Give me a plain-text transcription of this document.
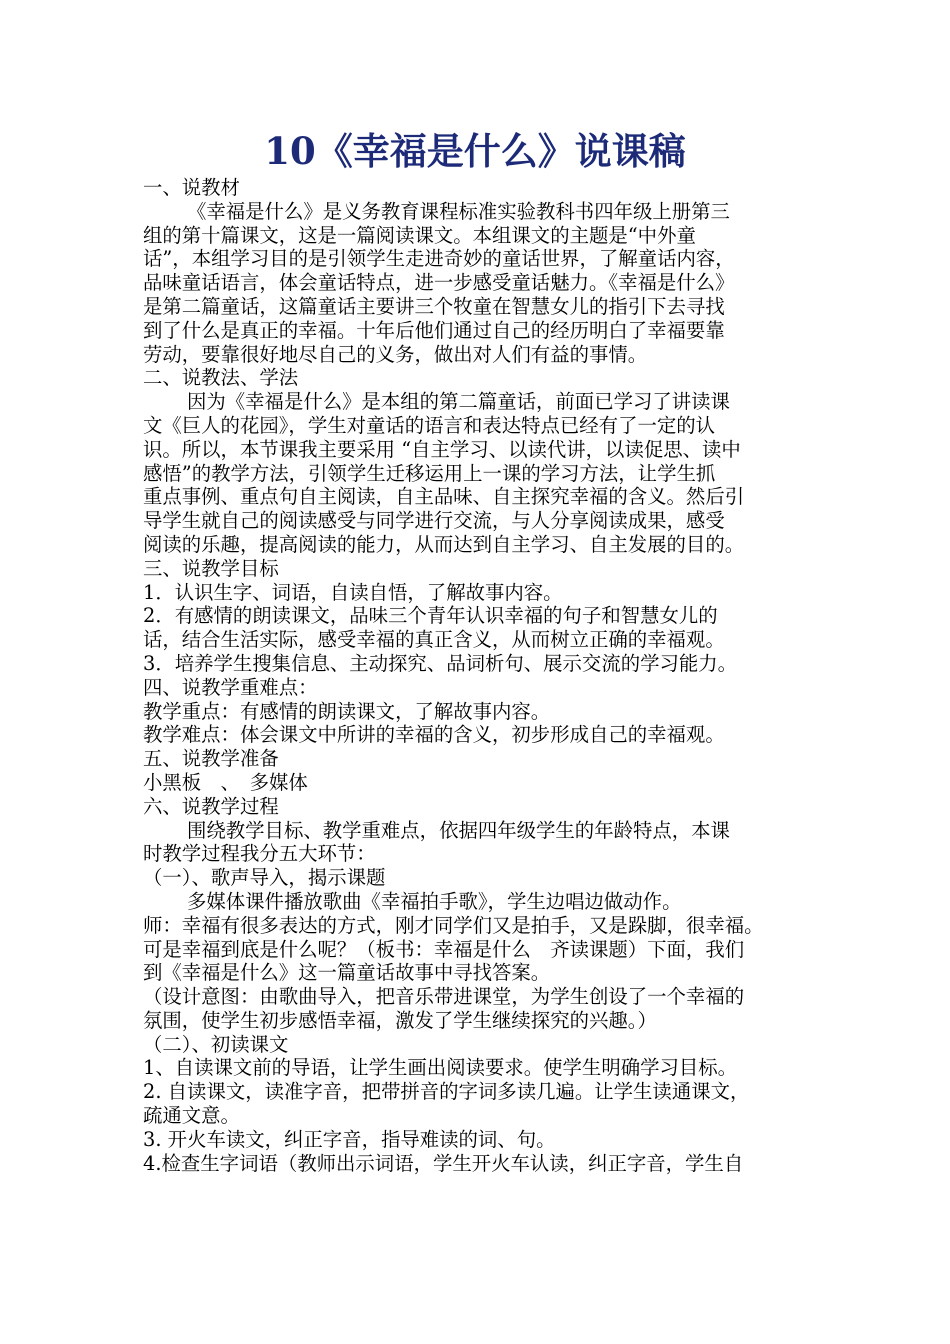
10《幸福是什么》说课稿

一、说教材

《幸福是什么》是义务教育课程标准实验教科书四年级上册第三

组的第十篇课文，这是一篇阅读课文。本组课文的主题是“中外童

话”，本组学习目的是引领学生走进奇妙的童话世界，了解童话内容，

品味童话语言，体会童话特点，进一步感受童话魅力。《幸福是什么》

是第二篇童话，这篇童话主要讲三个牧童在智慧女儿的指引下去寻找

到了什么是真正的幸福。十年后他们通过自己的经历明白了幸福要靠

劳动，要靠很好地尽自己的义务，做出对人们有益的事情。

二、说教法、学法

因为《幸福是什么》是本组的第二篇童话，前面已学习了讲读课

文《巨人的花园》，学生对童话的语言和表达特点已经有了一定的认

识。所以，本节课我主要采用 “自主学习、以读代讲，以读促思、读中

感悟”的教学方法，引领学生迁移运用上一课的学习方法，让学生抓

重点事例、重点句自主阅读，自主品味、自主探究幸福的含义。然后引

导学生就自己的阅读感受与同学进行交流，与人分享阅读成果，感受

阅读的乐趣，提高阅读的能力，从而达到自主学习、自主发展的目的。

三、说教学目标

1．认识生字、词语，自读自悟，了解故事内容。

2．有感情的朗读课文，品味三个青年认识幸福的句子和智慧女儿的

话，结合生活实际，感受幸福的真正含义，从而树立正确的幸福观。

3．培养学生搜集信息、主动探究、品词析句、展示交流的学习能力。

四、说教学重难点：

教学重点：有感情的朗读课文，了解故事内容。

教学难点：体会课文中所讲的幸福的含义，初步形成自己的幸福观。

五、说教学准备

小黑板　、　多媒体

六、说教学过程

围绕教学目标、教学重难点，依据四年级学生的年龄特点，本课

时教学过程我分五大环节：

（一）、歌声导入，揭示课题

多媒体课件播放歌曲《幸福拍手歌》，学生边唱边做动作。

师：幸福有很多表达的方式，刚才同学们又是拍手，又是跺脚，很幸福。

可是幸福到底是什么呢？（板书：幸福是什么　齐读课题）下面，我们

到《幸福是什么》这一篇童话故事中寻找答案。

（设计意图：由歌曲导入，把音乐带进课堂，为学生创设了一个幸福的

氛围，使学生初步感悟幸福，激发了学生继续探究的兴趣。）

（二）、初读课文

1、自读课文前的导语，让学生画出阅读要求。使学生明确学习目标。

2. 自读课文，读准字音，把带拼音的字词多读几遍。让学生读通课文，

疏通文意。

3. 开火车读文，纠正字音，指导难读的词、句。

4.检查生字词语（教师出示词语，学生开火车认读，纠正字音，学生自
